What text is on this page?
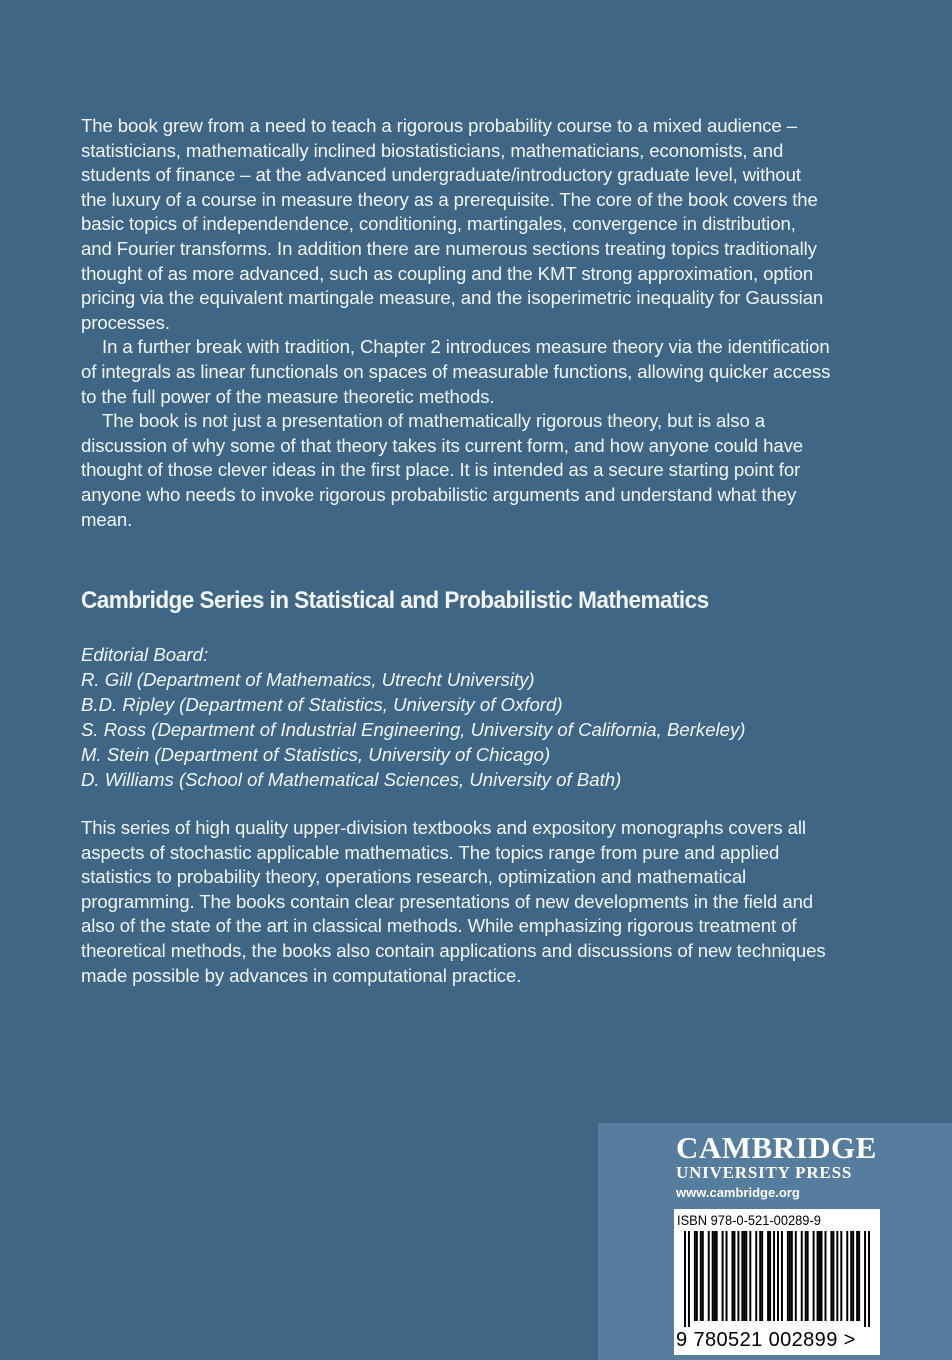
The book grew from a need to teach a rigorous probability course to a mixed audience – statisticians, mathematically inclined biostatisticians, mathematicians, economists, and students of finance – at the advanced undergraduate/introductory graduate level, without the luxury of a course in measure theory as a prerequisite. The core of the book covers the basic topics of independendence, conditioning, martingales, convergence in distribution, and Fourier transforms. In addition there are numerous sections treating topics traditionally thought of as more advanced, such as coupling and the KMT strong approximation, option pricing via the equivalent martingale measure, and the isoperimetric inequality for Gaussian processes.

In a further break with tradition, Chapter 2 introduces measure theory via the identification of integrals as linear functionals on spaces of measurable functions, allowing quicker access to the full power of the measure theoretic methods.

The book is not just a presentation of mathematically rigorous theory, but is also a discussion of why some of that theory takes its current form, and how anyone could have thought of those clever ideas in the first place. It is intended as a secure starting point for anyone who needs to invoke rigorous probabilistic arguments and understand what they mean.

Cambridge Series in Statistical and Probabilistic Mathematics
Editorial Board:
R. Gill (Department of Mathematics, Utrecht University)
B.D. Ripley (Department of Statistics, University of Oxford)
S. Ross (Department of Industrial Engineering, University of California, Berkeley)
M. Stein (Department of Statistics, University of Chicago)
D. Williams (School of Mathematical Sciences, University of Bath)

This series of high quality upper-division textbooks and expository monographs covers all aspects of stochastic applicable mathematics. The topics range from pure and applied statistics to probability theory, operations research, optimization and mathematical programming. The books contain clear presentations of new developments in the field and also of the state of the art in classical methods. While emphasizing rigorous treatment of theoretical methods, the books also contain applications and discussions of new techniques made possible by advances in computational practice.

CAMBRIDGE
UNIVERSITY PRESS
www.cambridge.org
ISBN 978-0-521-00289-9
9 780521 002899 >
